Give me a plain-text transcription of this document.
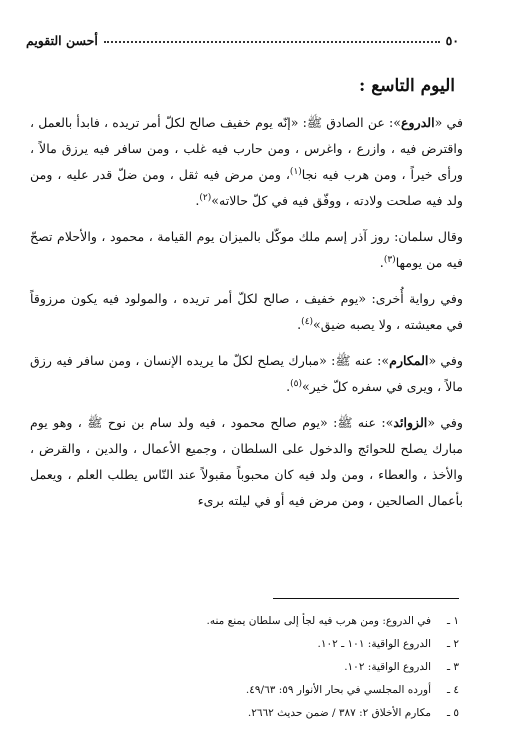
٥٠
أحسن التقويم
اليوم التاسع :

في «الدروع»: عن الصادق ﷺ: «إنّه يوم خفيف صالح لكلّ أمر تريده ، فابدأ بالعمل ، واقترض فيه ، وازرع ، واغرس ، ومن حارب فيه غلب ، ومن سافر فيه يرزق مالاً ، ورأى خيراً ، ومن هرب فيه نجا$^{(١)}$، ومن مرض فيه ثقل ، ومن ضلّ قدر عليه ، ومن ولد فيه صلحت ولادته ، ووفّق فيه في كلّ حالاته»$^{(٢)}$.

وقال سلمان: روز آذر إسم ملك موكّل بالميزان يوم القيامة ، محمود ، والأحلام تصحّ فيه من يومها$^{(٣)}$.

وفي رواية أُخرى: «يوم خفيف ، صالح لكلّ أمر تريده ، والمولود فيه يكون مرزوقاً في معيشته ، ولا يصبه ضيق»$^{(٤)}$.

وفي «المكارم»: عنه ﷺ: «مبارك يصلح لكلّ ما يريده الإنسان ، ومن سافر فيه رزق مالاً ، ويرى في سفره كلّ خير»$^{(٥)}$.

وفي «الزوائد»: عنه ﷺ: «يوم صالح محمود ، فيه ولد سام بن نوح ﷺ ، وهو يوم مبارك يصلح للحوائج والدخول على السلطان ، وجميع الأعمال ، والدين ، والقرض ، والأخذ ، والعطاء ، ومن ولد فيه كان محبوباً مقبولاً عند النّاس يطلب العلم ، ويعمل بأعمال الصالحين ، ومن مرض فيه أو في ليلته برىء

١ ـ
في الدروع: ومن هرب فيه لجأ إلى سلطان يمنع منه.
٢ ـ
الدروع الواقية: ١٠١ ـ ١٠٢.
٣ ـ
الدروع الواقية: ١٠٢.
٤ ـ
أورده المجلسي في بحار الأنوار ٥٩: ٤٩/٦٣.
٥ ـ
مكارم الأخلاق ٢: ٣٨٧ / ضمن حديث ٢٦٦٢.
